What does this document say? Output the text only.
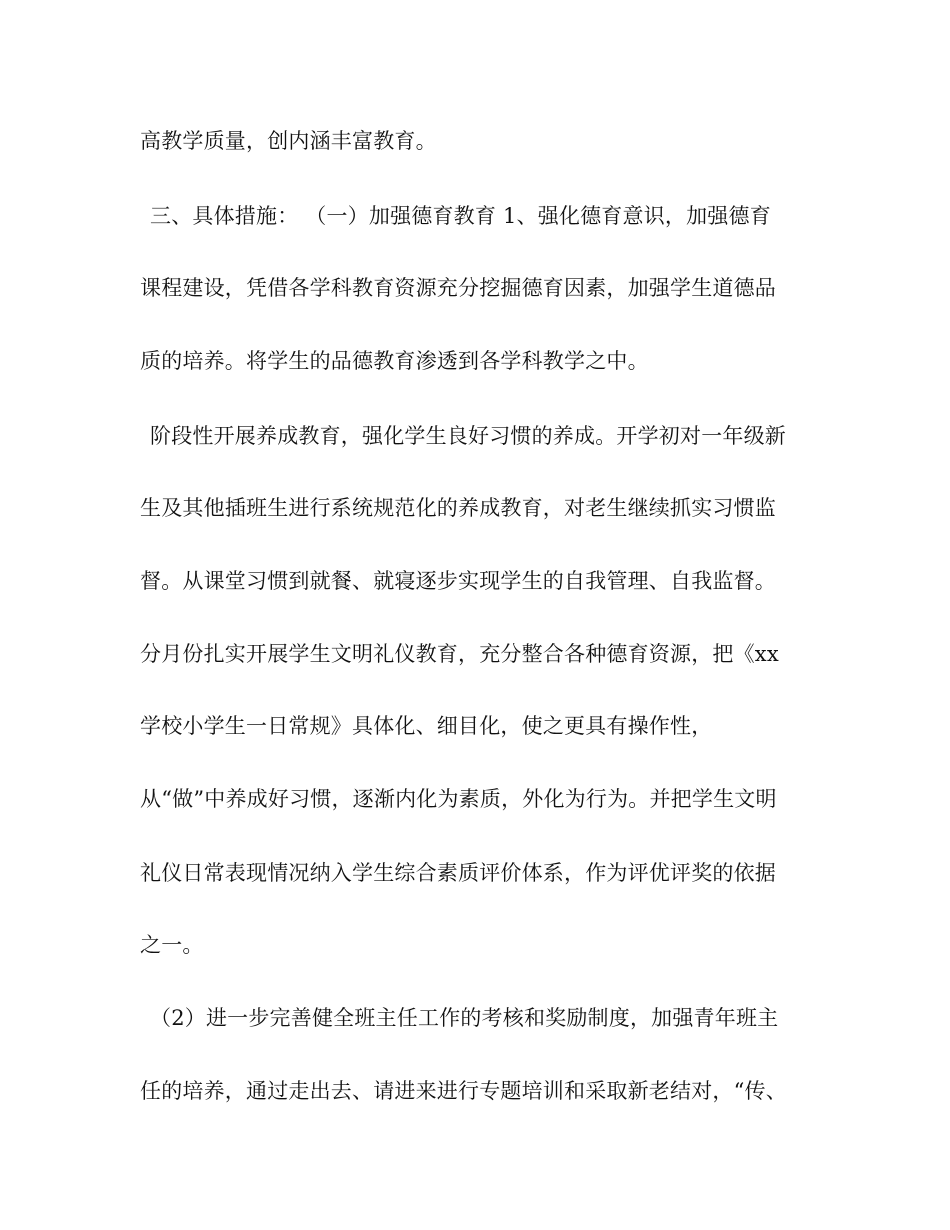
高教学质量，创内涵丰富教育。
三、具体措施： （一）加强德育教育 1、强化德育意识，加强德育
课程建设，凭借各学科教育资源充分挖掘德育因素，加强学生道德品
质的培养。将学生的品德教育渗透到各学科教学之中。
阶段性开展养成教育，强化学生良好习惯的养成。开学初对一年级新
生及其他插班生进行系统规范化的养成教育，对老生继续抓实习惯监
督。从课堂习惯到就餐、就寝逐步实现学生的自我管理、自我监督。
分月份扎实开展学生文明礼仪教育，充分整合各种德育资源，把《xx
学校小学生一日常规》具体化、细目化，使之更具有操作性，
从“做”中养成好习惯，逐渐内化为素质，外化为行为。并把学生文明
礼仪日常表现情况纳入学生综合素质评价体系，作为评优评奖的依据
之一。
（2）进一步完善健全班主任工作的考核和奖励制度，加强青年班主
任的培养，通过走出去、请进来进行专题培训和采取新老结对，“传、
